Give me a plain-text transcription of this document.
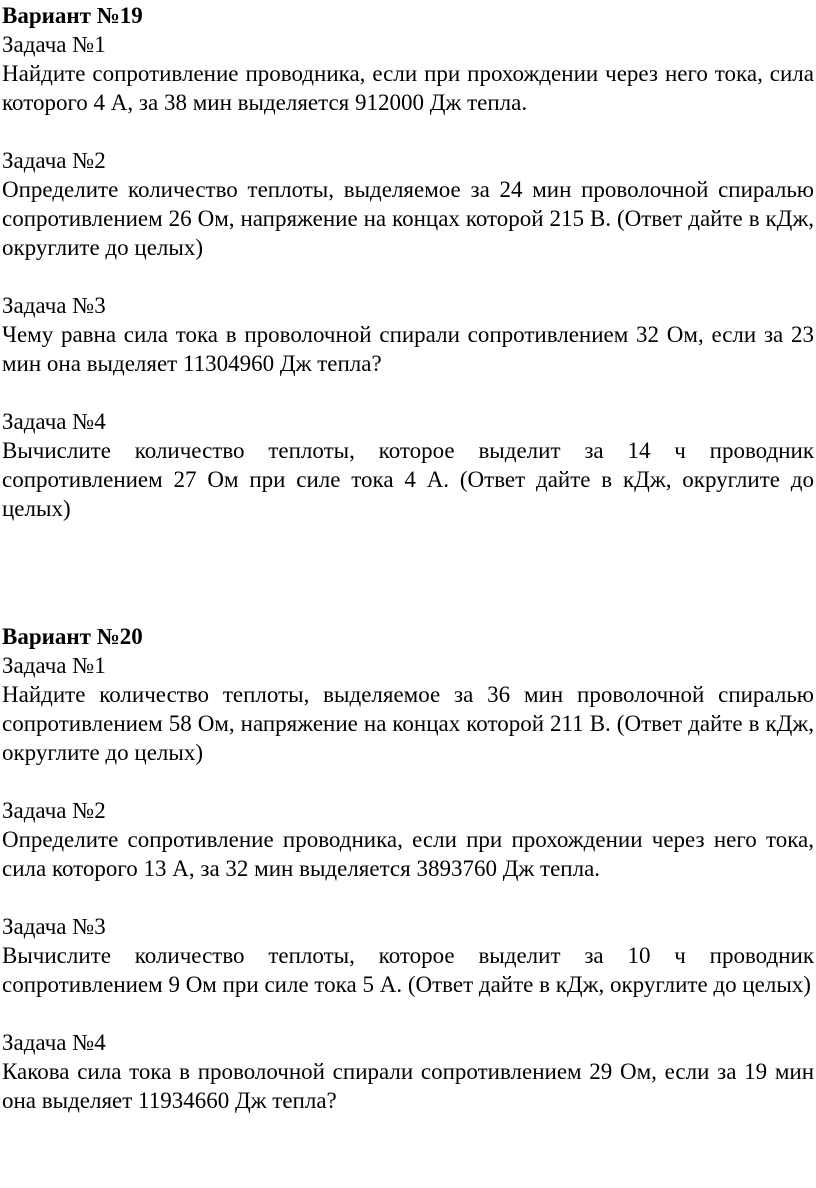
Вариант №19

Задача №1

Найдите сопротивление проводника, если при прохождении через него тока, сила которого 4 А, за 38 мин выделяется 912000 Дж тепла.

Задача №2

Определите количество теплоты, выделяемое за 24 мин проволочной спиралью сопротивлением 26 Ом, напряжение на концах которой 215 В. (Ответ дайте в кДж, округлите до целых)

Задача №3

Чему равна сила тока в проволочной спирали сопротивлением 32 Ом, если за 23 мин она выделяет 11304960 Дж тепла?

Задача №4

Вычислите количество теплоты, которое выделит за 14 ч проводник сопротивлением 27 Ом при силе тока 4 А. (Ответ дайте в кДж, округлите до целых)

Вариант №20

Задача №1

Найдите количество теплоты, выделяемое за 36 мин проволочной спиралью сопротивлением 58 Ом, напряжение на концах которой 211 В. (Ответ дайте в кДж, округлите до целых)

Задача №2

Определите сопротивление проводника, если при прохождении через него тока, сила которого 13 А, за 32 мин выделяется 3893760 Дж тепла.

Задача №3

Вычислите количество теплоты, которое выделит за 10 ч проводник сопротивлением 9 Ом при силе тока 5 А. (Ответ дайте в кДж, округлите до целых)

Задача №4

Какова сила тока в проволочной спирали сопротивлением 29 Ом, если за 19 мин она выделяет 11934660 Дж тепла?
